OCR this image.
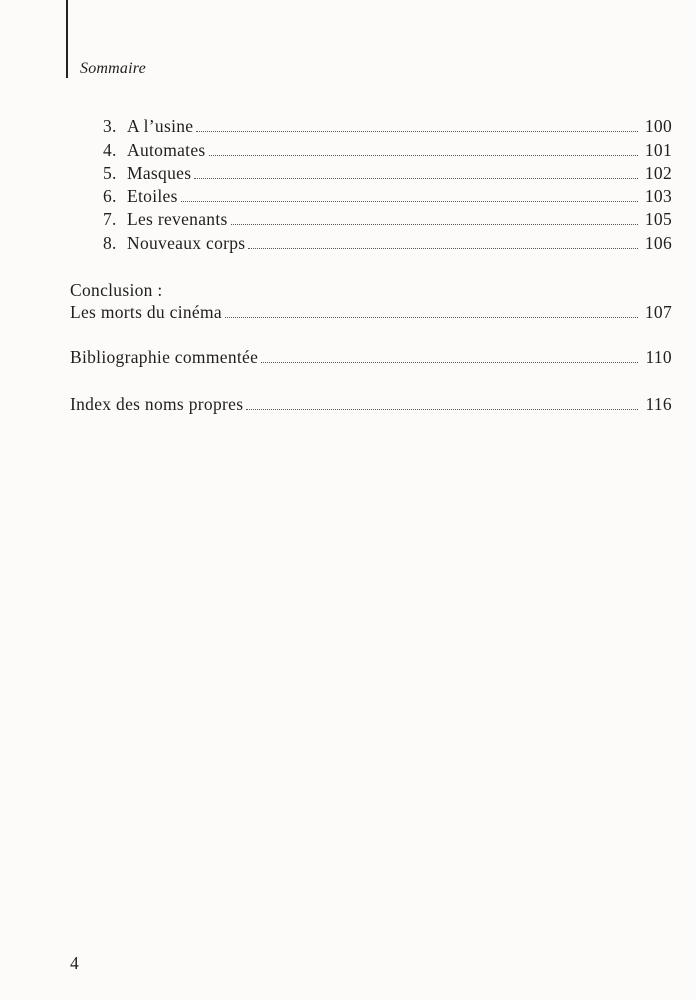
Sommaire
3. A l’usine	100
4. Automates	101
5. Masques	102
6. Etoiles	103
7. Les revenants	105
8. Nouveaux corps	106
Conclusion :
Les morts du cinéma	107
Bibliographie commentée	110
Index des noms propres	116
4
